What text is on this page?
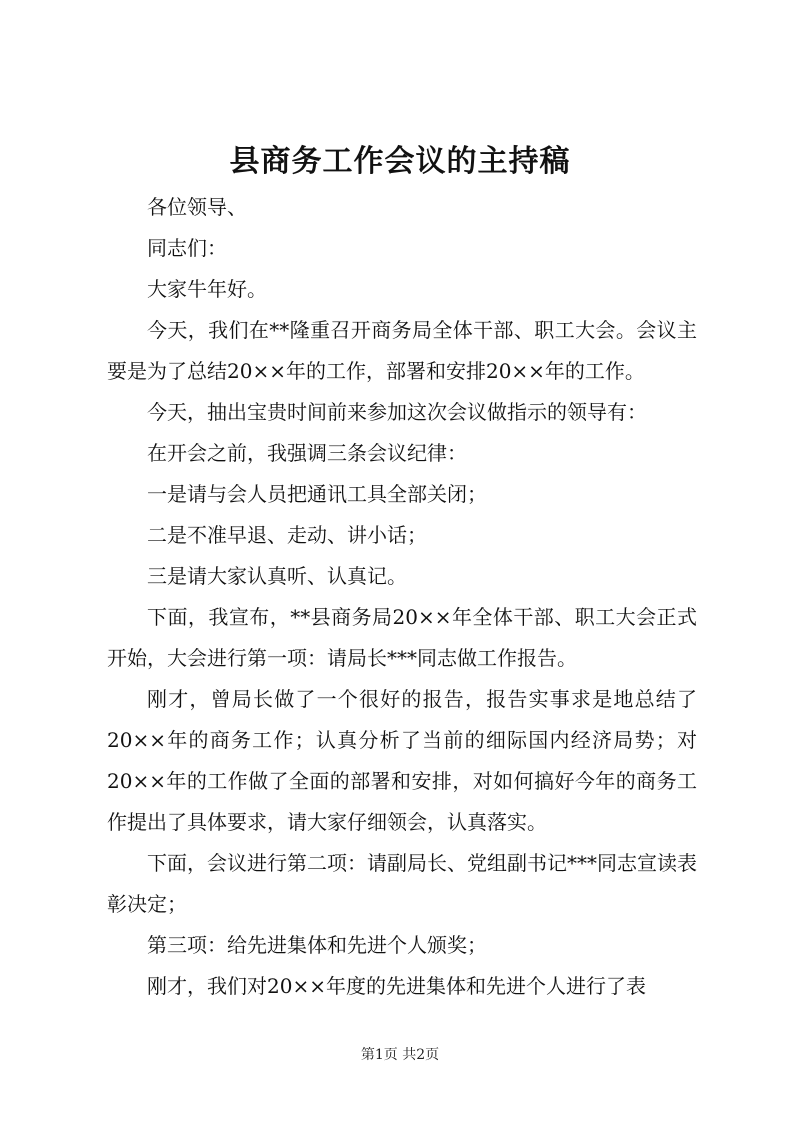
县商务工作会议的主持稿

各位领导、

同志们：

大家牛年好。

今天，我们在**隆重召开商务局全体干部、职工大会。会议主要是为了总结20××年的工作，部署和安排20××年的工作。

今天，抽出宝贵时间前来参加这次会议做指示的领导有：

在开会之前，我强调三条会议纪律：

一是请与会人员把通讯工具全部关闭；

二是不准早退、走动、讲小话；

三是请大家认真听、认真记。

下面，我宣布，**县商务局20××年全体干部、职工大会正式开始，大会进行第一项：请局长***同志做工作报告。

刚才，曾局长做了一个很好的报告，报告实事求是地总结了20××年的商务工作；认真分析了当前的细际国内经济局势；对20××年的工作做了全面的部署和安排，对如何搞好今年的商务工作提出了具体要求，请大家仔细领会，认真落实。

下面，会议进行第二项：请副局长、党组副书记***同志宣读表彰决定；

第三项：给先进集体和先进个人颁奖；

刚才，我们对20××年度的先进集体和先进个人进行了表

第1页 共2页
